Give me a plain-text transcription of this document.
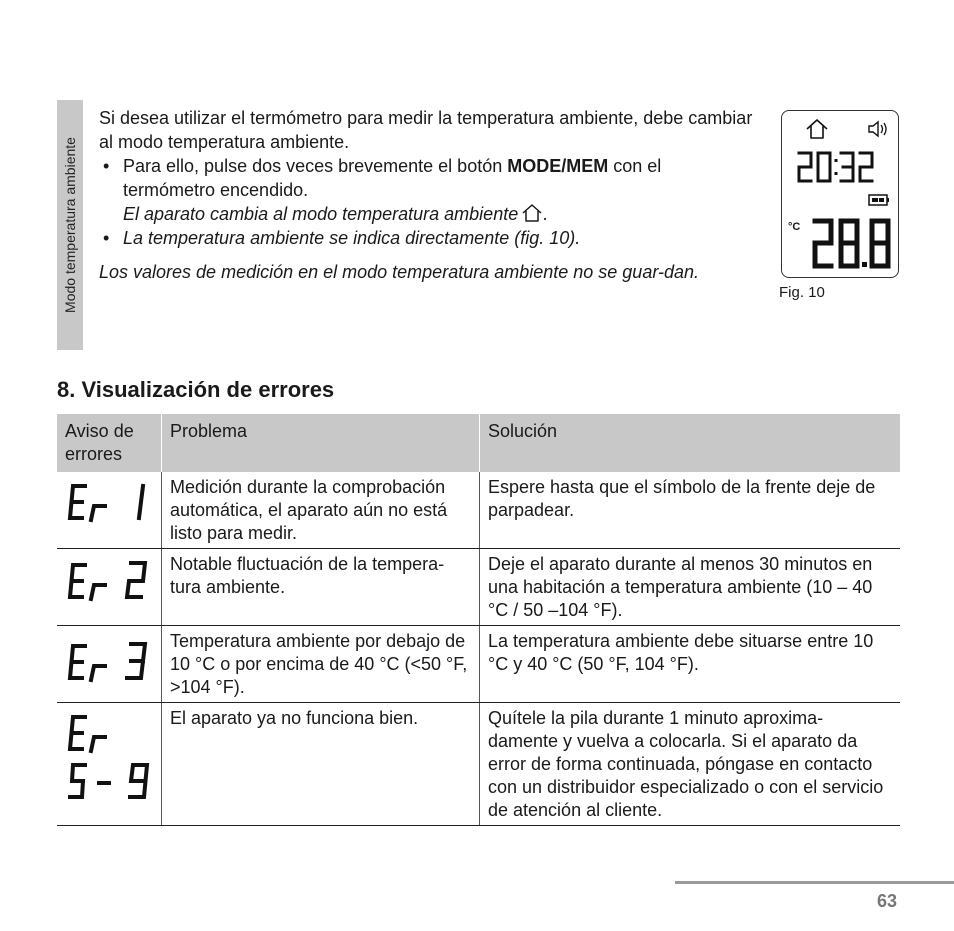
Modo temperatura ambiente

Si desea utilizar el termómetro para medir la temperatura ambiente, debe cambiar al modo temperatura ambiente.

• Para ello, pulse dos veces brevemente el botón MODE/MEM con el termómetro encendido.
El aparato cambia al modo temperatura ambiente .

• La temperatura ambiente se indica directamente (fig. 10).

Los valores de medición en el modo temperatura ambiente no se guar-dan.

°C
Fig. 10
8. Visualización de errores
Aviso de errores	Problema	Solución

	Medición durante la comprobación automática, el aparato aún no está listo para medir.	Espere hasta que el símbolo de la frente deje de parpadear.

	Notable fluctuación de la tempera-tura ambiente.	Deje el aparato durante al menos 30 minutos en una habitación a temperatura ambiente (10 – 40 °C / 50 –104 °F).

	Temperatura ambiente por debajo de 10 °C o por encima de 40 °C (<50 °F, >104 °F).	La temperatura ambiente debe situarse entre 10 °C y 40 °C (50 °F, 104 °F).

	El aparato ya no funciona bien.	Quítele la pila durante 1 minuto aproxima-damente y vuelva a colocarla. Si el aparato da error de forma continuada, póngase en contacto con un distribuidor especializado o con el servicio de atención al cliente.
63
